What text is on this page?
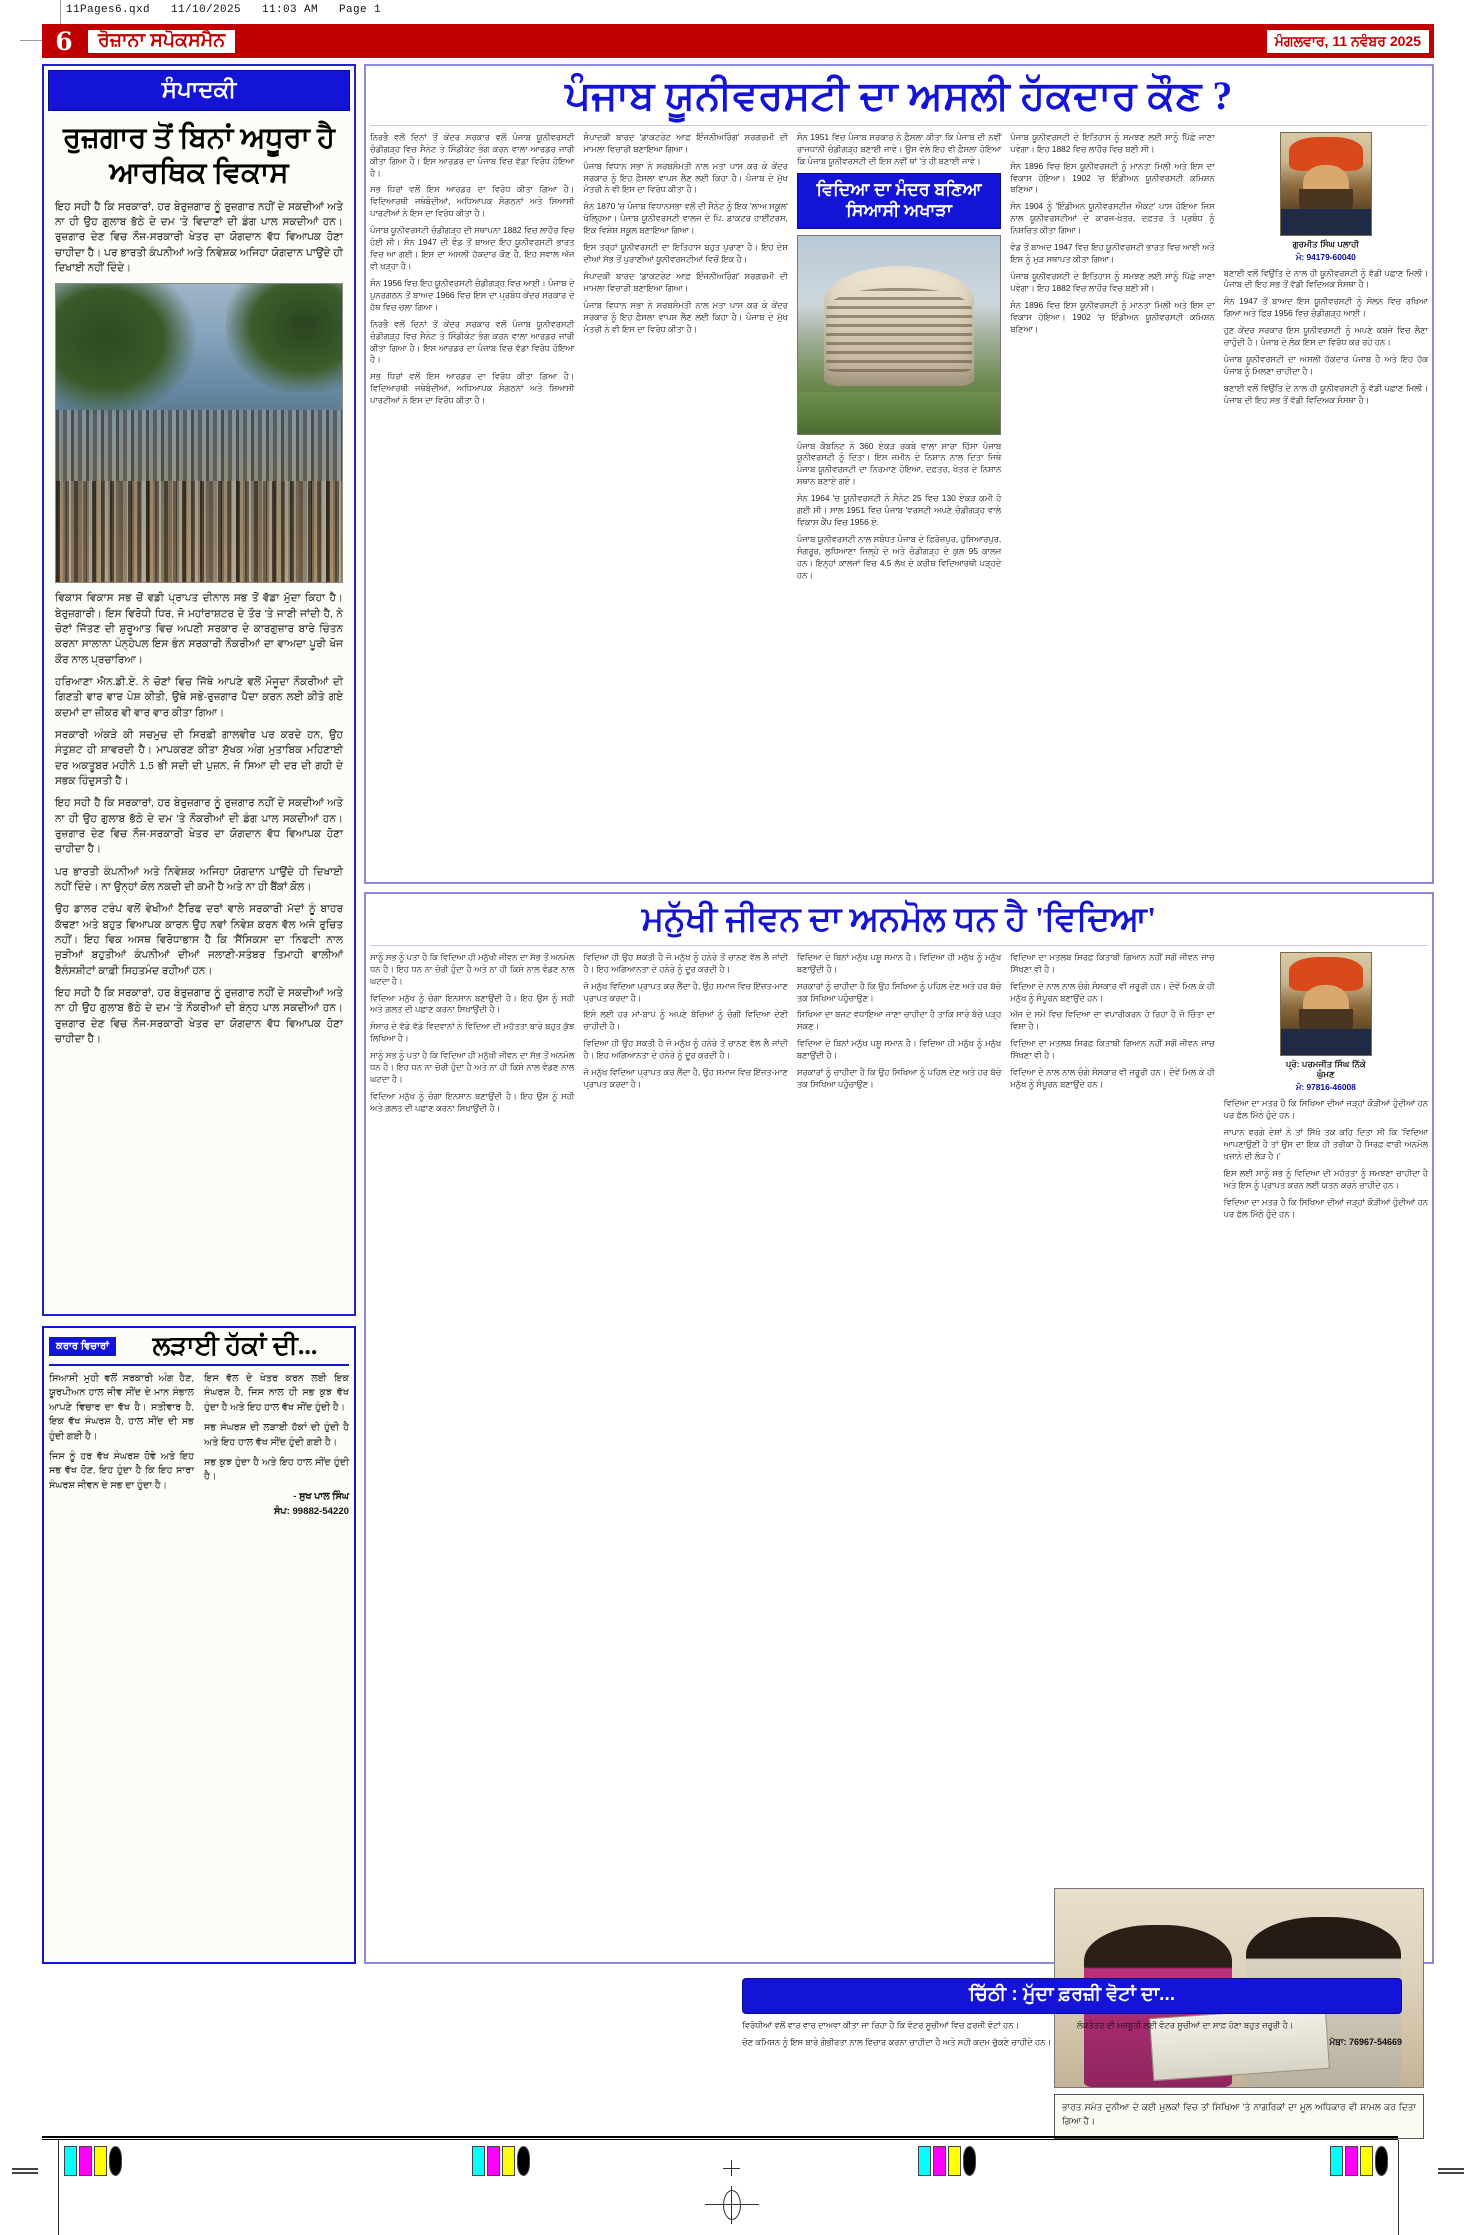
11Pages6.qxd   11/10/2025   11:03 AM   Page 1
6	ਰੋਜ਼ਾਨਾ ਸਪੋਕਸਮੈਨ	ਮੰਗਲਵਾਰ, 11 ਨਵੰਬਰ 2025
ਸੰਪਾਦਕੀ
ਰੁਜ਼ਗਾਰ ਤੋਂ ਬਿਨਾਂ ਅਧੂਰਾ ਹੈ ਆਰਥਿਕ ਵਿਕਾਸ

ਇਹ ਸਹੀ ਹੈ ਕਿ ਸਰਕਾਰਾਂ, ਹਰ ਬੇਰੁਜ਼ਗਾਰ ਨੂੰ ਰੁਜ਼ਗਾਰ ਨਹੀਂ ਦੇ ਸਕਦੀਆਂ ਅਤੇ ਨਾ ਹੀ ਉਹ ਗੁਲਾਬ ਭੱਠੇ ਦੇ ਦਮ 'ਤੇ ਵਿਦਾਣਾਂ ਦੀ ਡੰਗ ਪਾਲ ਸਕਦੀਆਂ ਹਨ। ਰੁਜ਼ਗਾਰ ਦੇਣ ਵਿਚ ਨੌਜ-ਸਰਕਾਰੀ ਖੇਤਰ ਦਾ ਯੋਗਦਾਨ ਵੱਧ ਵਿਆਪਕ ਹੋਣਾ ਚਾਹੀਦਾ ਹੈ। ਪਰ ਭਾਰਤੀ ਕੰਪਨੀਆਂ ਅਤੇ ਨਿਵੇਸ਼ਕ ਅਜਿਹਾ ਯੋਗਦਾਨ ਪਾਉਂਦੇ ਹੀ ਦਿਖਾਈ ਨਹੀਂ ਦਿੰਦੇ।

ਵਿਕਾਸ ਵਿਕਾਸ ਸਭ ਚੋਂ ਵਡੀ ਪ੍ਰਾਪਤ ਦੀਨਾਲ ਸਭ ਤੋਂ ਵੱਡਾ ਮੁੱਦਾ ਕਿਹਾ ਹੈ। ਬੇਰੁਜ਼ਗਾਰੀ। ਇਸ ਵਿਰੋਧੀ ਧਿਰ, ਜੋ ਮਹਾਂਰਾਸ਼ਟਰ ਦੇ ਤੌਰ 'ਤੇ ਜਾਣੀ ਜਾਂਦੀ ਹੈ, ਨੇ ਚੋਣਾਂ ਜਿੱਤਣ ਦੀ ਸ਼ੁਰੂਆਤ ਵਿਚ ਅਪਣੀ ਸਰਕਾਰ ਦੇ ਕਾਰਗੁਜ਼ਾਰ ਬਾਰੇ ਚਿੰਤਨ ਕਰਨਾ ਸਾਲਾਨਾ ਪੰਨ੍ਹੇਪਲ ਇਸ ਭੰਨ ਸਰਕਾਰੀ ਨੌਕਰੀਆਂ ਦਾ ਵਾਅਦਾ ਪੂਰੀ ਖੋਜ ਕੌਰ ਨਾਲ ਪ੍ਰਚਾਰਿਆ।

ਹਰਿਆਣਾ ਐਨ.ਡੀ.ਏ. ਨੇ ਚੋਣਾਂ ਵਿਚ ਜਿੱਥੇ ਆਪਣੇ ਵਲੋਂ ਮੌਜੂਦਾ ਨੌਕਰੀਆਂ ਦੀ ਗਿਣਤੀ ਵਾਰ ਵਾਰ ਪੇਸ਼ ਕੀਤੀ, ਉਥੇ ਸਭੇ-ਰੁਜ਼ਗਾਰ ਪੈਦਾ ਕਰਨ ਲਈ ਕੀਤੇ ਗਏ ਕਦਮਾਂ ਦਾ ਜ਼ੀਕਰ ਵੀ ਵਾਰ ਵਾਰ ਕੀਤਾ ਗਿਆ।

ਸਰਕਾਰੀ ਅੰਕੜੇ ਕੀ ਸਚਮੁਚ ਦੀ ਸਿਰਫ਼ੀ ਗਾਲਵੀਰ ਪਰ ਕਰਦੇ ਹਨ, ਉਹ ਸੰਤੁਸ਼ਟ ਹੀ ਸ਼ਾਵਰਦੀ ਹੈ। ਮਾਪਕਰਣ ਕੀਤਾ ਸੁੱਖਕ ਅੰਗ ਮੁਤਾਬਿਕ ਮਹਿਣਾਈ ਦਰ ਅਕਤੂਬਰ ਮਹੀਨੇ 1.5 ਭੀ ਸਦੀ ਦੀ ਪੁਜ਼ਨ, ਜੋ ਸਿਆ ਦੀ ਦਰ ਦੀ ਗਹੀ ਦੇ ਸਭਕ ਹਿੰਦੁਸਤੀ ਹੈ।

ਇਹ ਸਹੀ ਹੈ ਕਿ ਸਰਕਾਰਾਂ, ਹਰ ਬੇਰੁਜ਼ਗਾਰ ਨੂੰ ਰੁਜ਼ਗਾਰ ਨਹੀਂ ਦੇ ਸਕਦੀਆਂ ਅਤੇ ਨਾ ਹੀ ਉਹ ਗੁਲਾਬ ਭੱਠੇ ਦੇ ਦਮ 'ਤੇ ਨੌਕਰੀਆਂ ਦੀ ਡੰਗ ਪਾਲ ਸਕਦੀਆਂ ਹਨ। ਰੁਜ਼ਗਾਰ ਦੇਣ ਵਿਚ ਨੌਜ-ਸਰਕਾਰੀ ਖੇਤਰ ਦਾ ਯੋਗਦਾਨ ਵੱਧ ਵਿਆਪਕ ਹੋਣਾ ਚਾਹੀਦਾ ਹੈ।

ਪਰ ਭਾਰਤੀ ਕੰਪਨੀਆਂ ਅਤੇ ਨਿਵੇਸ਼ਕ ਅਜਿਹਾ ਯੋਗਦਾਨ ਪਾਉਂਦੇ ਹੀ ਦਿਖਾਈ ਨਹੀਂ ਦਿੰਦੇ। ਨਾ ਉਨ੍ਹਾਂ ਕੋਲ ਨਕਦੀ ਦੀ ਕਮੀ ਹੈ ਅਤੇ ਨਾ ਹੀ ਬੈਂਕਾਂ ਕੋਲ।

ਉਹ ਡਾਲਰ ਟਰੰਪ ਵਲੋਂ ਵੇਖੀਆਂ ਟੈਰਿਫ ਦਰਾਂ ਵਾਲੇ ਸਰਕਾਰੀ ਮੱਦਾਂ ਨੂੰ ਬਾਹਰ ਕੱਢਣਾ ਅਤੇ ਬਹੁਤ ਵਿਆਪਕ ਕਾਰਨ ਉਹ ਨਵਾਂ ਨਿਵੇਸ਼ ਕਰਨ ਵੱਲ ਅਜੇ ਰੁਚਿਤ ਨਹੀਂ। ਇਹ ਵਿਕ ਅਸਥ ਵਿਰੋਧਾਭਾਸ ਹੈ ਕਿ 'ਸੈਂਸਿਕਸ' ਦਾ 'ਨਿਫਟੀ' ਨਾਲ ਜੁੜੀਆਂ ਬਹੁਤੀਆਂ ਕੰਪਨੀਆਂ ਦੀਆਂ ਜਲਾਣੀ-ਸਤੰਬਰ ਤਿਮਾਹੀ ਵਾਲੀਆਂ ਬੈਲੰਸਸ਼ੀਟਾਂ ਕਾਫ਼ੀ ਸਿਹਤਮੰਦ ਰਹੀਆਂ ਹਨ।

ਇਹ ਸਹੀ ਹੈ ਕਿ ਸਰਕਾਰਾਂ, ਹਰ ਬੇਰੁਜ਼ਗਾਰ ਨੂੰ ਰੁਜ਼ਗਾਰ ਨਹੀਂ ਦੇ ਸਕਦੀਆਂ ਅਤੇ ਨਾ ਹੀ ਉਹ ਗੁਲਾਬ ਭੱਠੇ ਦੇ ਦਮ 'ਤੇ ਨੌਕਰੀਆਂ ਦੀ ਬੰਨ੍ਹ ਪਾਲ ਸਕਦੀਆਂ ਹਨ। ਰੁਜ਼ਗਾਰ ਦੇਣ ਵਿਚ ਨੌਜ-ਸਰਕਾਰੀ ਖੇਤਰ ਦਾ ਯੋਗਦਾਨ ਵੱਧ ਵਿਆਪਕ ਹੋਣਾ ਚਾਹੀਦਾ ਹੈ।

ਕਰਾਰ ਵਿਚਾਰਾਂ	ਲੜਾਈ ਹੱਕਾਂ ਦੀ...

ਸਿਆਸੀ ਮੁਹੀ ਵਲੋਂ ਸਰਕਾਰੀ ਅੰਗ ਹੈਣ, ਯੂਰਪੀਅਨ ਹਾਲ ਜੀਵ ਸੀਂਦ ਦੇ ਮਾਨ ਸੰਭਾਲ ਆਪਣੇ ਵਿਚਾਰ ਦਾ ਵੱਖ ਹੈ। ਸਤੀਵਾਰ ਹੈ, ਇਕ ਵੱਖ ਸੰਘਰਸ਼ ਹੈ, ਹਾਲ ਸੀਂਦ ਦੀ ਸਭ ਹੁੰਦੀ ਗਈ ਹੈ।

ਜਿਸ ਨੂੰ ਹਰ ਵੱਖ ਸੰਘਰਸ਼ ਹੋਵੇ ਅਤੇ ਇਹ ਸਭ ਵੱਖ ਹੋਣ, ਇਹ ਹੁੰਦਾ ਹੈ ਕਿ ਇਹ ਸਾਰਾ ਸੰਘਰਸ਼ ਜੀਵਨ ਦੇ ਸਭ ਦਾ ਹੁੰਦਾ ਹੈ।

ਇਸ ਵੱਲ ਦੇ ਖੇਤਰ ਕਰਨ ਲਈ ਇਕ ਸੰਘਰਸ਼ ਹੈ, ਜਿਸ ਨਾਲ ਹੀ ਸਭ ਕੁਝ ਵੱਖ ਹੁੰਦਾ ਹੈ ਅਤੇ ਇਹ ਹਾਲ ਵੱਖ ਸੀਂਦ ਹੁੰਦੀ ਹੈ।

ਸਭ ਸੰਘਰਸ਼ ਦੀ ਲੜਾਈ ਹੱਕਾਂ ਦੀ ਹੁੰਦੀ ਹੈ ਅਤੇ ਇਹ ਹਾਲ ਵੱਖ ਸੀਂਦ ਹੁੰਦੀ ਗਈ ਹੈ।

ਸਭ ਕੁਝ ਹੁੰਦਾ ਹੈ ਅਤੇ ਇਹ ਹਾਲ ਸੀਂਦ ਹੁੰਦੀ ਹੈ।

- ਸੁਖ ਪਾਲ ਸਿੰਘ
ਸੰਪ: 99882-54220
ਪੰਜਾਬ ਯੂਨੀਵਰਸਟੀ ਦਾ ਅਸਲੀ ਹੱਕਦਾਰ ਕੌਣ ?

ਨਿਰਭੈ ਵਲੋਂ ਦਿਨਾਂ ਤੋਂ ਕੇਂਦਰ ਸਰਕਾਰ ਵਲੋਂ ਪੰਜਾਬ ਯੂਨੀਵਰਸਟੀ ਚੰਡੀਗੜ੍ਹ ਵਿਚ ਸੈਨੇਟ ਤੇ ਸਿੰਡੀਕੇਟ ਭੰਗ ਕਰਨ ਵਾਲਾ ਆਰਡਰ ਜਾਰੀ ਕੀਤਾ ਗਿਆ ਹੈ। ਇਸ ਆਰਡਰ ਦਾ ਪੰਜਾਬ ਵਿਚ ਵੱਡਾ ਵਿਰੋਧ ਹੋਇਆ ਹੈ।

ਸਭ ਧਿਰਾਂ ਵਲੋਂ ਇਸ ਆਰਡਰ ਦਾ ਵਿਰੋਧ ਕੀਤਾ ਗਿਆ ਹੈ। ਵਿਦਿਆਰਥੀ ਜਥੇਬੰਦੀਆਂ, ਅਧਿਆਪਕ ਸੰਗਠਨਾਂ ਅਤੇ ਸਿਆਸੀ ਪਾਰਟੀਆਂ ਨੇ ਇਸ ਦਾ ਵਿਰੋਧ ਕੀਤਾ ਹੈ।

ਪੰਜਾਬ ਯੂਨੀਵਰਸਟੀ ਚੰਡੀਗੜ੍ਹ ਦੀ ਸਥਾਪਨਾ 1882 ਵਿਚ ਲਾਹੌਰ ਵਿਚ ਹੋਈ ਸੀ। ਸੰਨ 1947 ਦੀ ਵੰਡ ਤੋਂ ਬਾਅਦ ਇਹ ਯੂਨੀਵਰਸਟੀ ਭਾਰਤ ਵਿਚ ਆ ਗਈ। ਇਸ ਦਾ ਅਸਲੀ ਹੱਕਦਾਰ ਕੌਣ ਹੈ, ਇਹ ਸਵਾਲ ਅੱਜ ਵੀ ਖੜ੍ਹਾ ਹੈ।

ਸੰਨ 1956 ਵਿਚ ਇਹ ਯੂਨੀਵਰਸਟੀ ਚੰਡੀਗੜ੍ਹ ਵਿਚ ਆਈ। ਪੰਜਾਬ ਦੇ ਪੁਨਰਗਠਨ ਤੋਂ ਬਾਅਦ 1966 ਵਿਚ ਇਸ ਦਾ ਪ੍ਰਬੰਧ ਕੇਂਦਰ ਸਰਕਾਰ ਦੇ ਹੱਥ ਵਿਚ ਚਲਾ ਗਿਆ।

ਨਿਰਭੈ ਵਲੋਂ ਦਿਨਾਂ ਤੋਂ ਕੇਂਦਰ ਸਰਕਾਰ ਵਲੋਂ ਪੰਜਾਬ ਯੂਨੀਵਰਸਟੀ ਚੰਡੀਗੜ੍ਹ ਵਿਚ ਸੈਨੇਟ ਤੇ ਸਿੰਡੀਕੇਟ ਭੰਗ ਕਰਨ ਵਾਲਾ ਆਰਡਰ ਜਾਰੀ ਕੀਤਾ ਗਿਆ ਹੈ। ਇਸ ਆਰਡਰ ਦਾ ਪੰਜਾਬ ਵਿਚ ਵੱਡਾ ਵਿਰੋਧ ਹੋਇਆ ਹੈ।

ਸਭ ਧਿਰਾਂ ਵਲੋਂ ਇਸ ਆਰਡਰ ਦਾ ਵਿਰੋਧ ਕੀਤਾ ਗਿਆ ਹੈ। ਵਿਦਿਆਰਥੀ ਜਥੇਬੰਦੀਆਂ, ਅਧਿਆਪਕ ਸੰਗਠਨਾਂ ਅਤੇ ਸਿਆਸੀ ਪਾਰਟੀਆਂ ਨੇ ਇਸ ਦਾ ਵਿਰੋਧ ਕੀਤਾ ਹੈ।

ਸੰਪਾਦਕੀ ਬਾਰਦ 'ਡਾਕਟਰੇਟ ਆਫ਼ ਇੰਜਨੀਅਰਿੰਗ' ਸਰਗਰਮੀ ਦੀ ਮਾਮਲਾ ਵਿਚਾਰੀ ਬਣਾਇਆ ਗਿਆ।

ਪੰਜਾਬ ਵਿਧਾਨ ਸਭਾ ਨੇ ਸਰਬਸੰਮਤੀ ਨਾਲ ਮਤਾ ਪਾਸ ਕਰ ਕੇ ਕੇਂਦਰ ਸਰਕਾਰ ਨੂੰ ਇਹ ਫ਼ੈਸਲਾ ਵਾਪਸ ਲੈਣ ਲਈ ਕਿਹਾ ਹੈ। ਪੰਜਾਬ ਦੇ ਮੁੱਖ ਮੰਤਰੀ ਨੇ ਵੀ ਇਸ ਦਾ ਵਿਰੋਧ ਕੀਤਾ ਹੈ।

ਸੰਨ 1870 'ਚ ਪੰਜਾਬ ਵਿਧਾਨਸਭਾ ਵਲੋਂ ਦੀ ਸੈਨੇਟ ਨੂੰ ਇਕ 'ਲਾਅ ਸਕੂਲ' ਖੋਲ੍ਹਿਆ। ਪੰਜਾਬ ਯੂਨੀਵਰਸਟੀ ਵਾਲਜ ਦੇ ਪਿ. ਡਾਕਟਰ ਹਾਈਂਟਰਸ, ਇਕ ਵਿਸ਼ੇਸ਼ ਸਕੂਲ ਬਣਾਇਆ ਗਿਆ।

ਇਸ ਤਰ੍ਹਾਂ ਯੂਨੀਵਰਸਟੀ ਦਾ ਇਤਿਹਾਸ ਬਹੁਤ ਪੁਰਾਣਾ ਹੈ। ਇਹ ਦੇਸ਼ ਦੀਆਂ ਸੱਭ ਤੋਂ ਪੁਰਾਣੀਆਂ ਯੂਨੀਵਰਸਟੀਆਂ ਵਿਚੋਂ ਇਕ ਹੈ।

ਸੰਪਾਦਕੀ ਬਾਰਦ 'ਡਾਕਟਰੇਟ ਆਫ਼ ਇੰਜਨੀਅਰਿੰਗ' ਸਰਗਰਮੀ ਦੀ ਮਾਮਲਾ ਵਿਚਾਰੀ ਬਣਾਇਆ ਗਿਆ।

ਪੰਜਾਬ ਵਿਧਾਨ ਸਭਾ ਨੇ ਸਰਬਸੰਮਤੀ ਨਾਲ ਮਤਾ ਪਾਸ ਕਰ ਕੇ ਕੇਂਦਰ ਸਰਕਾਰ ਨੂੰ ਇਹ ਫ਼ੈਸਲਾ ਵਾਪਸ ਲੈਣ ਲਈ ਕਿਹਾ ਹੈ। ਪੰਜਾਬ ਦੇ ਮੁੱਖ ਮੰਤਰੀ ਨੇ ਵੀ ਇਸ ਦਾ ਵਿਰੋਧ ਕੀਤਾ ਹੈ।

ਸੰਨ 1951 ਵਿਚ ਪੰਜਾਬ ਸਰਕਾਰ ਨੇ ਫ਼ੈਸਲਾ ਕੀਤਾ ਕਿ ਪੰਜਾਬ ਦੀ ਨਵੀਂ ਰਾਜਧਾਨੀ ਚੰਡੀਗੜ੍ਹ ਬਣਾਈ ਜਾਵੇ। ਉਸ ਵੇਲੇ ਇਹ ਵੀ ਫ਼ੈਸਲਾ ਹੋਇਆ ਕਿ ਪੰਜਾਬ ਯੂਨੀਵਰਸਟੀ ਦੀ ਇਸ ਨਵੀਂ ਥਾਂ 'ਤੇ ਹੀ ਬਣਾਈ ਜਾਵੇ।

ਵਿਦਿਆ ਦਾ ਮੰਦਰ ਬਣਿਆ ਸਿਆਸੀ ਅਖਾੜਾ

ਪੰਜਾਬ ਕੈਬਨਿਟ ਨੇ 360 ਏਕੜ ਰਕਬੇ ਵਾਲਾ ਸਾਰਾ ਹਿੱਸਾ ਪੰਜਾਬ ਯੂਨੀਵਰਸਟੀ ਨੂੰ ਦਿਤਾ। ਇਸ ਜ਼ਮੀਨ ਦੇ ਨਿਸ਼ਾਨ ਨਾਲ ਦਿਤਾ ਜਿਥੇ ਪੰਜਾਬ ਯੂਨੀਵਰਸਟੀ ਦਾ ਨਿਰਮਾਣ ਹੋਇਆ, ਦਫ਼ਤਰ, ਖੇਤਰ ਦੇ ਨਿਸ਼ਾਨ ਸਥਾਨ ਬਣਾਏ ਗਏ।

ਸੰਨ 1964 'ਚ ਯੂਨੀਵਰਸਟੀ ਨੇ ਸੈਨੇਟ 25 ਵਿਚ 130 ਏਕੜ ਕਮੀ ਹੋ ਗਈ ਸੀ। ਸਾਲ 1951 ਵਿਚ ਪੰਜਾਬ 'ਵਰਸਟੀ ਅਪਣੇ ਚੰਡੀਗੜ੍ਹ ਵਾਲੇ ਵਿਕਾਸ ਕੈਂਪ ਵਿਚ 1956 ਏ.

ਪੰਜਾਬ ਯੂਨੀਵਰਸਟੀ ਨਾਲ ਸਬੰਧਤ ਪੰਜਾਬ ਦੇ ਫ਼ਿਰੋਜ਼ਪੁਰ, ਹੁਸ਼ਿਆਰਪੁਰ, ਸੰਗਰੂਰ, ਲੁਧਿਆਣਾ ਜ਼ਿਲ੍ਹੇ ਦੇ ਅਤੇ ਚੰਡੀਗੜ੍ਹ ਦੇ ਕੁਲ 95 ਕਾਲਜ ਹਨ। ਇਨ੍ਹਾਂ ਕਾਲਜਾਂ ਵਿਚ 4.5 ਲੱਖ ਦੇ ਕਰੀਬ ਵਿਦਿਆਰਥੀ ਪੜ੍ਹਦੇ ਹਨ।

ਪੰਜਾਬ ਯੂਨੀਵਰਸਟੀ ਦੇ ਇਤਿਹਾਸ ਨੂੰ ਸਮਝਣ ਲਈ ਸਾਨੂੰ ਪਿੱਛੇ ਜਾਣਾ ਪਵੇਗਾ। ਇਹ 1882 ਵਿਚ ਲਾਹੌਰ ਵਿਚ ਬਣੀ ਸੀ।

ਸੰਨ 1896 ਵਿਚ ਇਸ ਯੂਨੀਵਰਸਟੀ ਨੂੰ ਮਾਨਤਾ ਮਿਲੀ ਅਤੇ ਇਸ ਦਾ ਵਿਕਾਸ ਹੋਇਆ। 1902 'ਚ ਇੰਡੀਅਨ ਯੂਨੀਵਰਸਟੀ ਕਮਿਸ਼ਨ ਬਣਿਆ।

ਸੰਨ 1904 ਨੂੰ 'ਇੰਡੀਅਨ ਯੂਨੀਵਰਸਟੀਜ਼ ਐਕਟ' ਪਾਸ ਹੋਇਆ ਜਿਸ ਨਾਲ ਯੂਨੀਵਰਸਟੀਆਂ ਦੇ ਕਾਰਜ-ਖੇਤਰ, ਦਫ਼ਤਰ ਤੇ ਪ੍ਰਬੰਧ ਨੂੰ ਨਿਸ਼ਚਿਤ ਕੀਤਾ ਗਿਆ।

ਵੰਡ ਤੋਂ ਬਾਅਦ 1947 ਵਿਚ ਇਹ ਯੂਨੀਵਰਸਟੀ ਭਾਰਤ ਵਿਚ ਆਈ ਅਤੇ ਇਸ ਨੂੰ ਮੁੜ ਸਥਾਪਤ ਕੀਤਾ ਗਿਆ।

ਪੰਜਾਬ ਯੂਨੀਵਰਸਟੀ ਦੇ ਇਤਿਹਾਸ ਨੂੰ ਸਮਝਣ ਲਈ ਸਾਨੂੰ ਪਿੱਛੇ ਜਾਣਾ ਪਵੇਗਾ। ਇਹ 1882 ਵਿਚ ਲਾਹੌਰ ਵਿਚ ਬਣੀ ਸੀ।

ਸੰਨ 1896 ਵਿਚ ਇਸ ਯੂਨੀਵਰਸਟੀ ਨੂੰ ਮਾਨਤਾ ਮਿਲੀ ਅਤੇ ਇਸ ਦਾ ਵਿਕਾਸ ਹੋਇਆ। 1902 'ਚ ਇੰਡੀਅਨ ਯੂਨੀਵਰਸਟੀ ਕਮਿਸ਼ਨ ਬਣਿਆ।

ਗੁਰਮੀਤ ਸਿੰਘ ਪਲਾਹੀ
ਮੋ: 94179-60040

ਬਣਾਈ ਵਲੋਂ ਵਿਉਂਤਿ ਦੇ ਨਾਲ ਹੀ ਯੂਨੀਵਰਸਟੀ ਨੂੰ ਵੱਡੀ ਪਛਾਣ ਮਿਲੀ। ਪੰਜਾਬ ਦੀ ਇਹ ਸਭ ਤੋਂ ਵੱਡੀ ਵਿਦਿਅਕ ਸੰਸਥਾ ਹੈ।

ਸੰਨ 1947 ਤੋਂ ਬਾਅਦ ਇਸ ਯੂਨੀਵਰਸਟੀ ਨੂੰ ਸੋਲਨ ਵਿਚ ਰਖਿਆ ਗਿਆ ਅਤੇ ਫਿਰ 1956 ਵਿਚ ਚੰਡੀਗੜ੍ਹ ਆਈ।

ਹੁਣ ਕੇਂਦਰ ਸਰਕਾਰ ਇਸ ਯੂਨੀਵਰਸਟੀ ਨੂੰ ਅਪਣੇ ਕਬਜ਼ੇ ਵਿਚ ਲੈਣਾ ਚਾਹੁੰਦੀ ਹੈ। ਪੰਜਾਬ ਦੇ ਲੋਕ ਇਸ ਦਾ ਵਿਰੋਧ ਕਰ ਰਹੇ ਹਨ।

ਪੰਜਾਬ ਯੂਨੀਵਰਸਟੀ ਦਾ ਅਸਲੀ ਹੱਕਦਾਰ ਪੰਜਾਬ ਹੈ ਅਤੇ ਇਹ ਹੱਕ ਪੰਜਾਬ ਨੂੰ ਮਿਲਣਾ ਚਾਹੀਦਾ ਹੈ।

ਬਣਾਈ ਵਲੋਂ ਵਿਉਂਤਿ ਦੇ ਨਾਲ ਹੀ ਯੂਨੀਵਰਸਟੀ ਨੂੰ ਵੱਡੀ ਪਛਾਣ ਮਿਲੀ। ਪੰਜਾਬ ਦੀ ਇਹ ਸਭ ਤੋਂ ਵੱਡੀ ਵਿਦਿਅਕ ਸੰਸਥਾ ਹੈ।

ਮਨੁੱਖੀ ਜੀਵਨ ਦਾ ਅਨਮੋਲ ਧਨ ਹੈ 'ਵਿਦਿਆ'

ਸਾਨੂੰ ਸਭ ਨੂੰ ਪਤਾ ਹੈ ਕਿ ਵਿਦਿਆ ਹੀ ਮਨੁੱਖੀ ਜੀਵਨ ਦਾ ਸੱਭ ਤੋਂ ਅਨਮੋਲ ਧਨ ਹੈ। ਇਹ ਧਨ ਨਾ ਚੋਰੀ ਹੁੰਦਾ ਹੈ ਅਤੇ ਨਾ ਹੀ ਕਿਸੇ ਨਾਲ ਵੰਡਣ ਨਾਲ ਘਟਦਾ ਹੈ।

ਵਿਦਿਆ ਮਨੁੱਖ ਨੂੰ ਚੰਗਾ ਇਨਸਾਨ ਬਣਾਉਂਦੀ ਹੈ। ਇਹ ਉਸ ਨੂੰ ਸਹੀ ਅਤੇ ਗ਼ਲਤ ਦੀ ਪਛਾਣ ਕਰਨਾ ਸਿਖਾਉਂਦੀ ਹੈ।

ਸੰਸਾਰ ਦੇ ਵੱਡੇ ਵੱਡੇ ਵਿਦਵਾਨਾਂ ਨੇ ਵਿਦਿਆ ਦੀ ਮਹੱਤਤਾ ਬਾਰੇ ਬਹੁਤ ਕੁੱਝ ਲਿਖਿਆ ਹੈ।

ਸਾਨੂੰ ਸਭ ਨੂੰ ਪਤਾ ਹੈ ਕਿ ਵਿਦਿਆ ਹੀ ਮਨੁੱਖੀ ਜੀਵਨ ਦਾ ਸੱਭ ਤੋਂ ਅਨਮੋਲ ਧਨ ਹੈ। ਇਹ ਧਨ ਨਾ ਚੋਰੀ ਹੁੰਦਾ ਹੈ ਅਤੇ ਨਾ ਹੀ ਕਿਸੇ ਨਾਲ ਵੰਡਣ ਨਾਲ ਘਟਦਾ ਹੈ।

ਵਿਦਿਆ ਮਨੁੱਖ ਨੂੰ ਚੰਗਾ ਇਨਸਾਨ ਬਣਾਉਂਦੀ ਹੈ। ਇਹ ਉਸ ਨੂੰ ਸਹੀ ਅਤੇ ਗ਼ਲਤ ਦੀ ਪਛਾਣ ਕਰਨਾ ਸਿਖਾਉਂਦੀ ਹੈ।

ਵਿਦਿਆ ਹੀ ਉਹ ਸ਼ਕਤੀ ਹੈ ਜੋ ਮਨੁੱਖ ਨੂੰ ਹਨੇਰੇ ਤੋਂ ਚਾਨਣ ਵੱਲ ਲੈ ਜਾਂਦੀ ਹੈ। ਇਹ ਅਗਿਆਨਤਾ ਦੇ ਹਨੇਰੇ ਨੂੰ ਦੂਰ ਕਰਦੀ ਹੈ।

ਜੋ ਮਨੁੱਖ ਵਿਦਿਆ ਪ੍ਰਾਪਤ ਕਰ ਲੈਂਦਾ ਹੈ, ਉਹ ਸਮਾਜ ਵਿਚ ਇੱਜ਼ਤ-ਮਾਣ ਪ੍ਰਾਪਤ ਕਰਦਾ ਹੈ।

ਇਸੇ ਲਈ ਹਰ ਮਾਂ-ਬਾਪ ਨੂੰ ਅਪਣੇ ਬੱਚਿਆਂ ਨੂੰ ਚੰਗੀ ਵਿਦਿਆ ਦੇਣੀ ਚਾਹੀਦੀ ਹੈ।

ਵਿਦਿਆ ਹੀ ਉਹ ਸ਼ਕਤੀ ਹੈ ਜੋ ਮਨੁੱਖ ਨੂੰ ਹਨੇਰੇ ਤੋਂ ਚਾਨਣ ਵੱਲ ਲੈ ਜਾਂਦੀ ਹੈ। ਇਹ ਅਗਿਆਨਤਾ ਦੇ ਹਨੇਰੇ ਨੂੰ ਦੂਰ ਕਰਦੀ ਹੈ।

ਜੋ ਮਨੁੱਖ ਵਿਦਿਆ ਪ੍ਰਾਪਤ ਕਰ ਲੈਂਦਾ ਹੈ, ਉਹ ਸਮਾਜ ਵਿਚ ਇੱਜ਼ਤ-ਮਾਣ ਪ੍ਰਾਪਤ ਕਰਦਾ ਹੈ।

ਵਿਦਿਆ ਦੇ ਬਿਨਾਂ ਮਨੁੱਖ ਪਸ਼ੂ ਸਮਾਨ ਹੈ। ਵਿਦਿਆ ਹੀ ਮਨੁੱਖ ਨੂੰ ਮਨੁੱਖ ਬਣਾਉਂਦੀ ਹੈ।

ਸਰਕਾਰਾਂ ਨੂੰ ਚਾਹੀਦਾ ਹੈ ਕਿ ਉਹ ਸਿਖਿਆ ਨੂੰ ਪਹਿਲ ਦੇਣ ਅਤੇ ਹਰ ਬੱਚੇ ਤਕ ਸਿਖਿਆ ਪਹੁੰਚਾਉਣ।

ਸਿਖਿਆ ਦਾ ਬਜਟ ਵਧਾਇਆ ਜਾਣਾ ਚਾਹੀਦਾ ਹੈ ਤਾਕਿ ਸਾਰੇ ਬੱਚੇ ਪੜ੍ਹ ਸਕਣ।

ਵਿਦਿਆ ਦੇ ਬਿਨਾਂ ਮਨੁੱਖ ਪਸ਼ੂ ਸਮਾਨ ਹੈ। ਵਿਦਿਆ ਹੀ ਮਨੁੱਖ ਨੂੰ ਮਨੁੱਖ ਬਣਾਉਂਦੀ ਹੈ।

ਸਰਕਾਰਾਂ ਨੂੰ ਚਾਹੀਦਾ ਹੈ ਕਿ ਉਹ ਸਿਖਿਆ ਨੂੰ ਪਹਿਲ ਦੇਣ ਅਤੇ ਹਰ ਬੱਚੇ ਤਕ ਸਿਖਿਆ ਪਹੁੰਚਾਉਣ।

ਵਿਦਿਆ ਦਾ ਮਤਲਬ ਸਿਰਫ਼ ਕਿਤਾਬੀ ਗਿਆਨ ਨਹੀਂ ਸਗੋਂ ਜੀਵਨ ਜਾਚ ਸਿੱਖਣਾ ਵੀ ਹੈ।

ਵਿਦਿਆ ਦੇ ਨਾਲ ਨਾਲ ਚੰਗੇ ਸੰਸਕਾਰ ਵੀ ਜ਼ਰੂਰੀ ਹਨ। ਦੋਵੇਂ ਮਿਲ ਕੇ ਹੀ ਮਨੁੱਖ ਨੂੰ ਸੰਪੂਰਨ ਬਣਾਉਂਦੇ ਹਨ।

ਅੱਜ ਦੇ ਸਮੇਂ ਵਿਚ ਵਿਦਿਆ ਦਾ ਵਪਾਰੀਕਰਨ ਹੋ ਰਿਹਾ ਹੈ ਜੋ ਚਿੰਤਾ ਦਾ ਵਿਸ਼ਾ ਹੈ।

ਵਿਦਿਆ ਦਾ ਮਤਲਬ ਸਿਰਫ਼ ਕਿਤਾਬੀ ਗਿਆਨ ਨਹੀਂ ਸਗੋਂ ਜੀਵਨ ਜਾਚ ਸਿੱਖਣਾ ਵੀ ਹੈ।

ਵਿਦਿਆ ਦੇ ਨਾਲ ਨਾਲ ਚੰਗੇ ਸੰਸਕਾਰ ਵੀ ਜ਼ਰੂਰੀ ਹਨ। ਦੋਵੇਂ ਮਿਲ ਕੇ ਹੀ ਮਨੁੱਖ ਨੂੰ ਸੰਪੂਰਨ ਬਣਾਉਂਦੇ ਹਨ।

ਪ੍ਰੋ: ਪਰਮਜੀਤ ਸਿੰਘ ਨਿੱਕੇ ਘੁੰਮਣ
ਮੋ: 97816-46008

ਵਿਦਿਆ ਦਾ ਮਤਰ ਹੈ ਕਿ ਸਿਖਿਆ ਦੀਆਂ ਜੜ੍ਹਾਂ ਕੌੜੀਆਂ ਹੁੰਦੀਆਂ ਹਨ ਪਰ ਫੱਲ ਮਿੱਠੇ ਹੁੰਦੇ ਹਨ।

ਜਾਪਾਨ ਵਰਗੇ ਦੇਸ਼ਾਂ ਨੇ ਤਾਂ ਸਿੱਖੋ ਤਕ ਕਹਿ ਦਿਤਾ ਸੀ ਕਿ 'ਵਿਦਿਆ ਆਪਣਾਉਣੀ ਹੈ ਤਾਂ ਉਸ ਦਾ ਇਕ ਹੀ ਤਰੀਕਾ ਹੈ ਸਿਰਫ਼ ਵਾਰੀ ਅਨਮੋਲ ਖ਼ਜ਼ਾਨੇ ਦੀ ਲੋੜ ਹੈ।'

ਇਸ ਲਈ ਸਾਨੂੰ ਸਭ ਨੂੰ ਵਿਦਿਆ ਦੀ ਮਹੱਤਤਾ ਨੂੰ ਸਮਝਣਾ ਚਾਹੀਦਾ ਹੈ ਅਤੇ ਇਸ ਨੂੰ ਪ੍ਰਾਪਤ ਕਰਨ ਲਈ ਯਤਨ ਕਰਨੇ ਚਾਹੀਦੇ ਹਨ।

ਵਿਦਿਆ ਦਾ ਮਤਰ ਹੈ ਕਿ ਸਿਖਿਆ ਦੀਆਂ ਜੜ੍ਹਾਂ ਕੌੜੀਆਂ ਹੁੰਦੀਆਂ ਹਨ ਪਰ ਫੱਲ ਮਿੱਠੇ ਹੁੰਦੇ ਹਨ।

ਭਾਰਤ ਸਮੇਤ ਦੁਨੀਆ ਦੇ ਕਈ ਮੁਲਕਾਂ ਵਿਚ ਤਾਂ ਸਿਖਿਆ 'ਤੇ ਨਾਗਰਿਕਾਂ ਦਾ ਮੂਲ ਅਧਿਕਾਰ ਵੀ ਸ਼ਾਮਲ ਕਰ ਦਿਤਾ ਗਿਆ ਹੈ।

ਚਿੱਠੀ : ਮੁੱਦਾ ਫ਼ਰਜ਼ੀ ਵੋਟਾਂ ਦਾ...

ਵਿਰੋਧੀਆਂ ਵਲੋਂ ਵਾਰ ਵਾਰ ਦਾਅਵਾ ਕੀਤਾ ਜਾ ਰਿਹਾ ਹੈ ਕਿ ਵੋਟਰ ਸੂਚੀਆਂ ਵਿਚ ਫ਼ਰਜ਼ੀ ਵੋਟਾਂ ਹਨ।

ਚੋਣ ਕਮਿਸ਼ਨ ਨੂੰ ਇਸ ਬਾਰੇ ਗੰਭੀਰਤਾ ਨਾਲ ਵਿਚਾਰ ਕਰਨਾ ਚਾਹੀਦਾ ਹੈ ਅਤੇ ਸਹੀ ਕਦਮ ਚੁੱਕਣੇ ਚਾਹੀਦੇ ਹਨ।

ਲੋਕਤੰਤਰ ਦੀ ਮਜ਼ਬੂਤੀ ਲਈ ਵੋਟਰ ਸੂਚੀਆਂ ਦਾ ਸਾਫ਼ ਹੋਣਾ ਬਹੁਤ ਜ਼ਰੂਰੀ ਹੈ।

ਮੋਬਾ: 76967-54669
